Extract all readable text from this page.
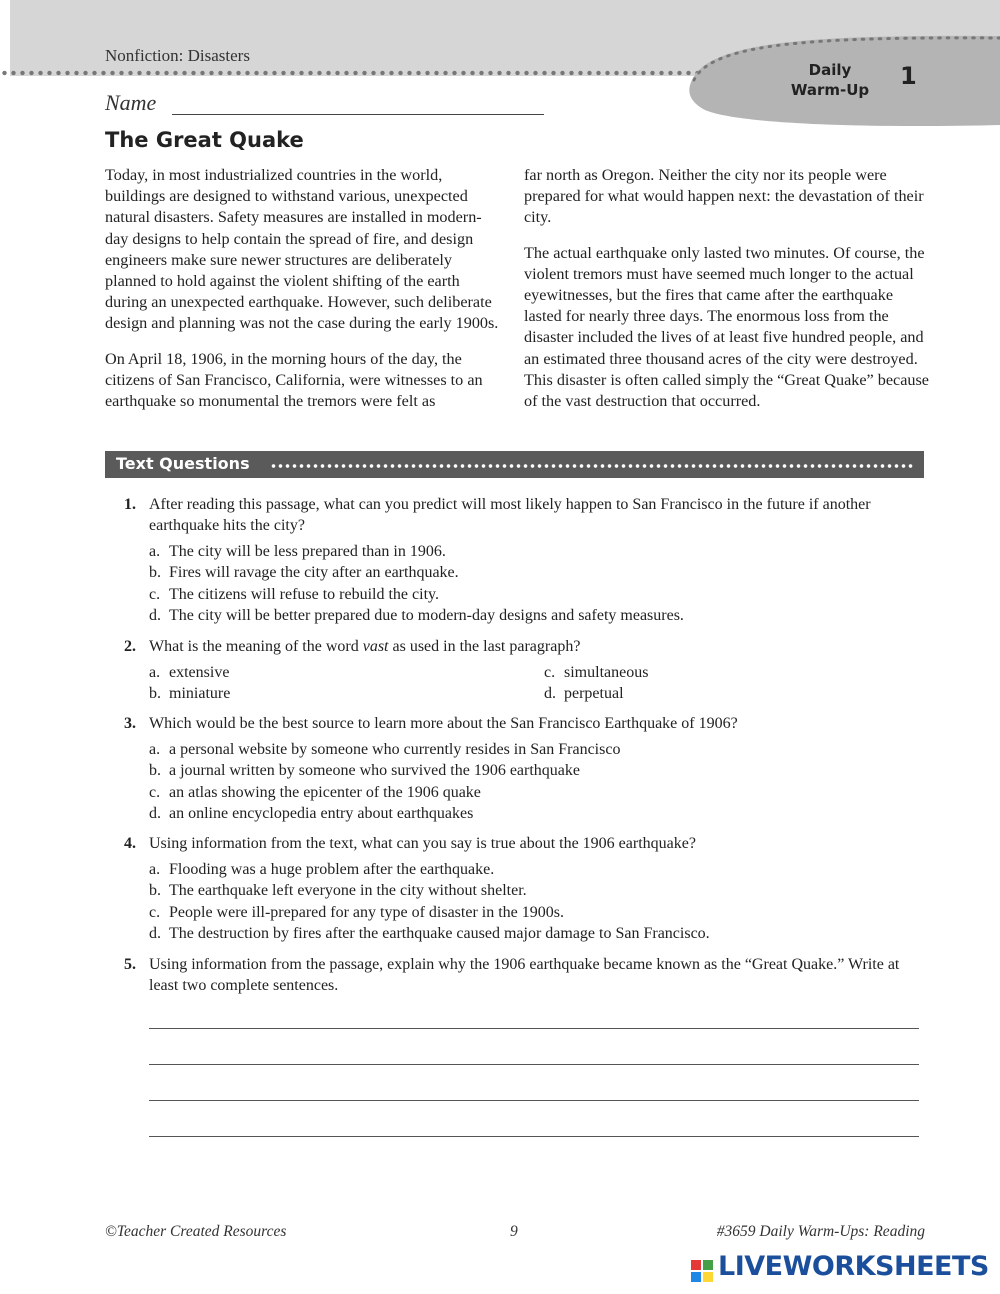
Nonfiction: Disasters
Daily
Warm-Up	1
Name
The Great Quake

Today, in most industrialized countries in the world, buildings are designed to withstand various, unexpected natural disasters. Safety measures are installed in modern-day designs to help contain the spread of fire, and design engineers make sure newer structures are deliberately planned to hold against the violent shifting of the earth during an unexpected earthquake. However, such deliberate design and planning was not the case during the early 1900s.

On April 18, 1906, in the morning hours of the day, the citizens of San Francisco, California, were witnesses to an earthquake so monumental the tremors were felt as

far north as Oregon. Neither the city nor its people were prepared for what would happen next: the devastation of their city.

The actual earthquake only lasted two minutes. Of course, the violent tremors must have seemed much longer to the actual eyewitnesses, but the fires that came after the earthquake lasted for nearly three days. The enormous loss from the disaster included the lives of at least five hundred people, and an estimated three thousand acres of the city were destroyed. This disaster is often called simply the “Great Quake” because of the vast destruction that occurred.

Text Questions
1. After reading this passage, what can you predict will most likely happen to San Francisco in the future if another earthquake hits the city?
a. The city will be less prepared than in 1906.
b. Fires will ravage the city after an earthquake.
c. The citizens will refuse to rebuild the city.
d. The city will be better prepared due to modern-day designs and safety measures.
2. What is the meaning of the word vast as used in the last paragraph?
a. extensive	c. simultaneous
b. miniature	d. perpetual
3. Which would be the best source to learn more about the San Francisco Earthquake of 1906?
a. a personal website by someone who currently resides in San Francisco
b. a journal written by someone who survived the 1906 earthquake
c. an atlas showing the epicenter of the 1906 quake
d. an online encyclopedia entry about earthquakes
4. Using information from the text, what can you say is true about the 1906 earthquake?
a. Flooding was a huge problem after the earthquake.
b. The earthquake left everyone in the city without shelter.
c. People were ill-prepared for any type of disaster in the 1900s.
d. The destruction by fires after the earthquake caused major damage to San Francisco.
5. Using information from the passage, explain why the 1906 earthquake became known as the “Great Quake.” Write at least two complete sentences.
©Teacher Created Resources	9	#3659 Daily Warm-Ups: Reading
LIVEWORKSHEETS
